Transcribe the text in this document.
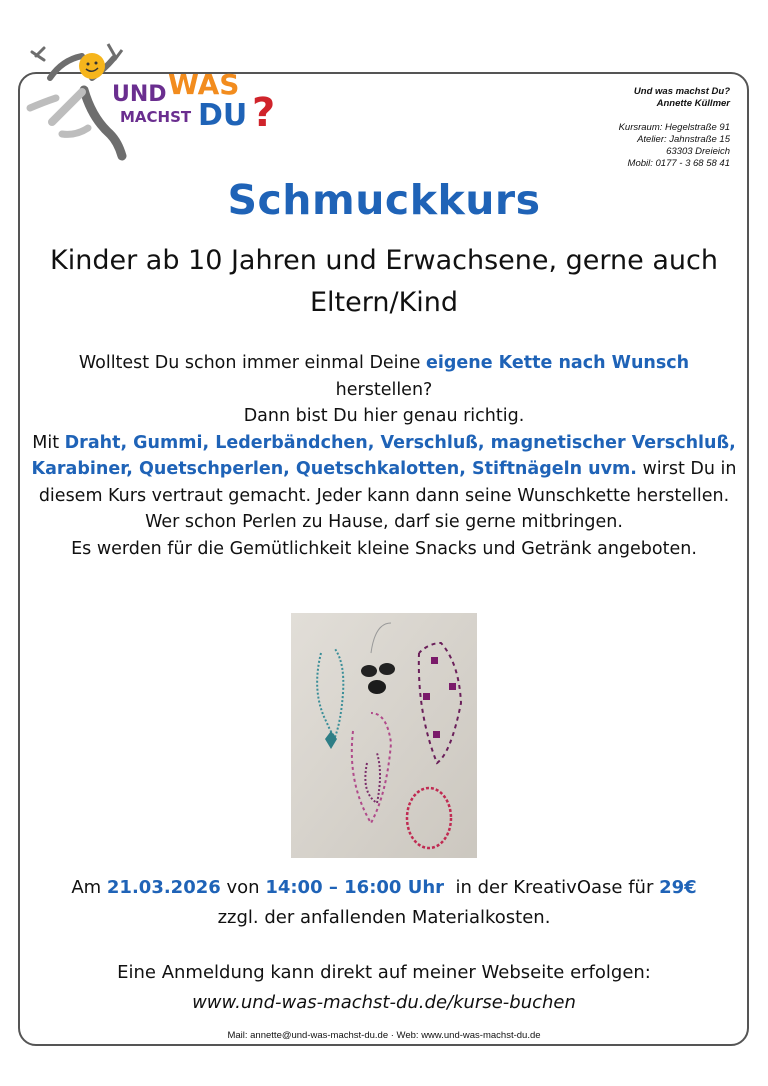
UND WAS
MACHST DU ?	Und was machst Du?
Annette Küllmer
Kursraum: Hegelstraße 91
Atelier: Jahnstraße 15
63303 Dreieich
Mobil: 0177 - 3 68 58 41
Schmuckkurs
Kinder ab 10 Jahren und Erwachsene, gerne auch
Eltern/Kind
Wolltest Du schon immer einmal Deine eigene Kette nach Wunsch
herstellen?
Dann bist Du hier genau richtig.
Mit Draht, Gummi, Lederbändchen, Verschluß, magnetischer Verschluß, Karabiner, Quetschperlen, Quetschkalotten, Stiftnägeln uvm. wirst Du in diesem Kurs vertraut gemacht. Jeder kann dann seine Wunschkette herstellen. Wer schon Perlen zu Hause, darf sie gerne mitbringen.
Es werden für die Gemütlichkeit kleine Snacks und Getränk angeboten.
Am 21.03.2026 von 14:00 – 16:00 Uhr  in der KreativOase für 29€
zzgl. der anfallenden Materialkosten.
Eine Anmeldung kann direkt auf meiner Webseite erfolgen:
www.und-was-machst-du.de/kurse-buchen
Mail: annette@und-was-machst-du.de · Web: www.und-was-machst-du.de
